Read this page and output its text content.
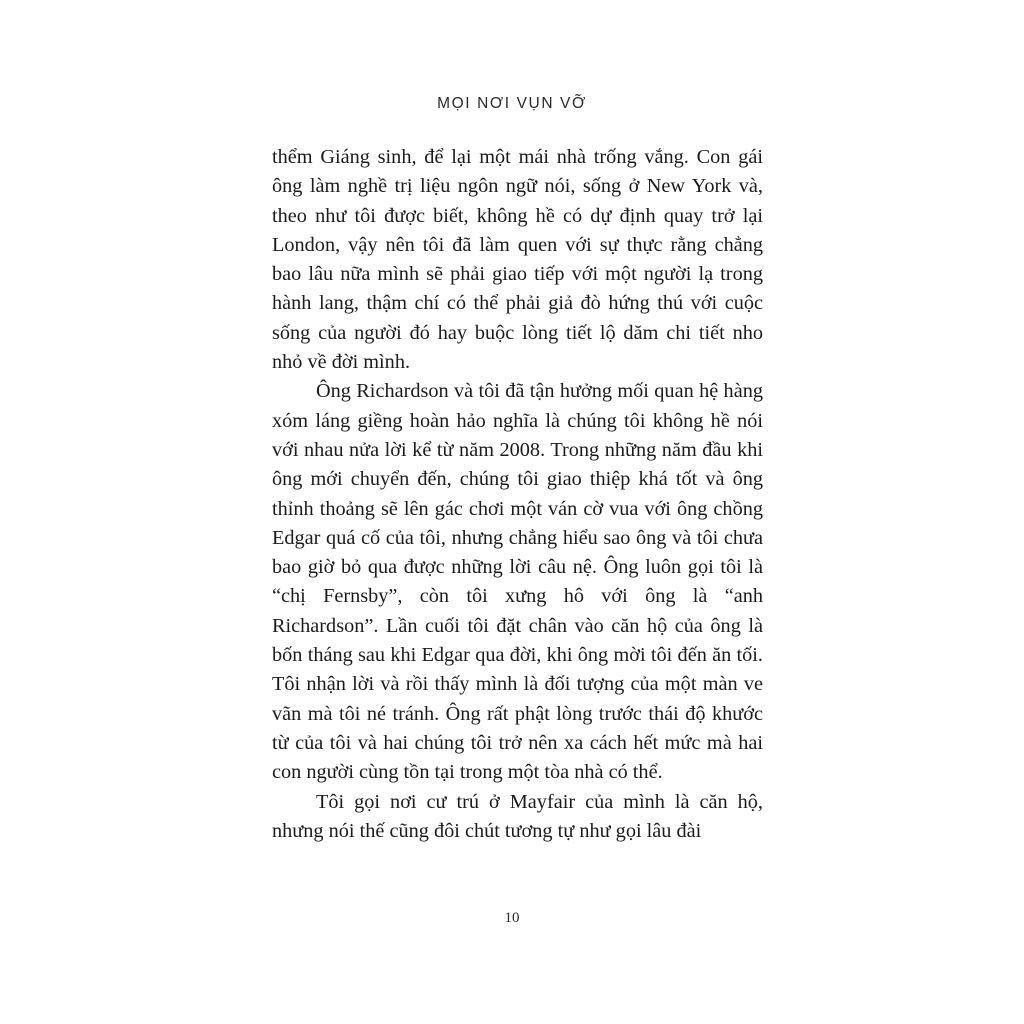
MỌI NƠI VỤN VỠ

thểm Giáng sinh, để lại một mái nhà trống vắng. Con gái ông làm nghề trị liệu ngôn ngữ nói, sống ở New York và, theo như tôi được biết, không hề có dự định quay trở lại London, vậy nên tôi đã làm quen với sự thực rằng chẳng bao lâu nữa mình sẽ phải giao tiếp với một người lạ trong hành lang, thậm chí có thể phải giả đò hứng thú với cuộc sống của người đó hay buộc lòng tiết lộ dăm chi tiết nho nhỏ về đời mình.

Ông Richardson và tôi đã tận hưởng mối quan hệ hàng xóm láng giềng hoàn hảo nghĩa là chúng tôi không hề nói với nhau nửa lời kể từ năm 2008. Trong những năm đầu khi ông mới chuyển đến, chúng tôi giao thiệp khá tốt và ông thỉnh thoảng sẽ lên gác chơi một ván cờ vua với ông chồng Edgar quá cố của tôi, nhưng chẳng hiểu sao ông và tôi chưa bao giờ bỏ qua được những lời câu nệ. Ông luôn gọi tôi là “chị Fernsby”, còn tôi xưng hô với ông là “anh Richardson”. Lần cuối tôi đặt chân vào căn hộ của ông là bốn tháng sau khi Edgar qua đời, khi ông mời tôi đến ăn tối. Tôi nhận lời và rồi thấy mình là đối tượng của một màn ve vãn mà tôi né tránh. Ông rất phật lòng trước thái độ khước từ của tôi và hai chúng tôi trở nên xa cách hết mức mà hai con người cùng tồn tại trong một tòa nhà có thể.

Tôi gọi nơi cư trú ở Mayfair của mình là căn hộ, nhưng nói thế cũng đôi chút tương tự như gọi lâu đài

10
